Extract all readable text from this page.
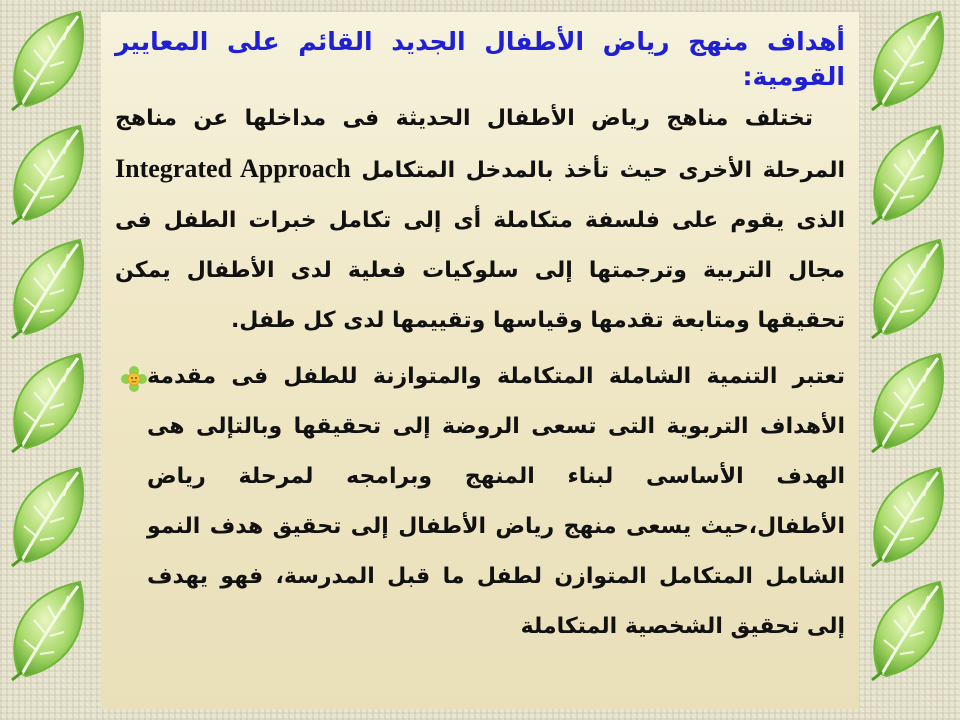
أهداف منهج رياض الأطفال الجديد القائم على المعايير القومية:

تختلف مناهج رياض الأطفال الحديثة فى مداخلها عن مناهج المرحلة الأخرى حيث تأخذ بالمدخل المتكامل Integrated Approach الذى يقوم على فلسفة متكاملة أى إلى تكامل خبرات الطفل فى مجال التربية وترجمتها إلى سلوكيات فعلية لدى الأطفال يمكن تحقيقها ومتابعة تقدمها وقياسها وتقييمها لدى كل طفل.

تعتبر التنمية الشاملة المتكاملة والمتوازنة للطفل فى مقدمة الأهداف التربوية التى تسعى الروضة إلى تحقيقها وبالتإلى هى الهدف الأساسى لبناء المنهج وبرامجه لمرحلة رياض الأطفال،حيث يسعى منهج رياض الأطفال إلى تحقيق هدف النمو الشامل المتكامل المتوازن لطفل ما قبل المدرسة، فهو يهدف إلى تحقيق الشخصية المتكاملة
